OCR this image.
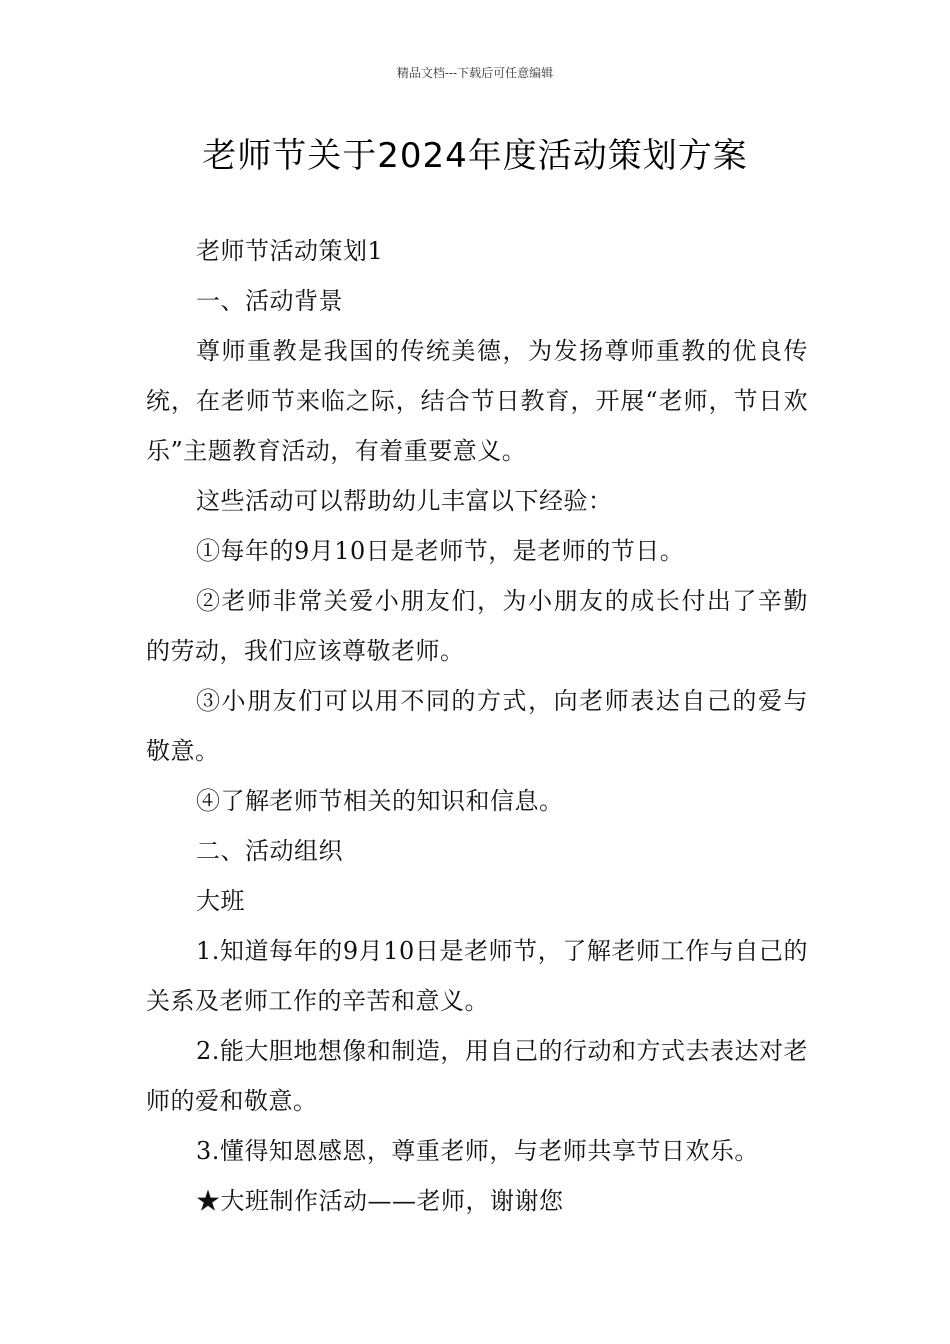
精品文档---下载后可任意编辑
老师节关于2024年度活动策划方案

老师节活动策划1

一、活动背景

尊师重教是我国的传统美德，为发扬尊师重教的优良传统，在老师节来临之际，结合节日教育，开展“老师，节日欢乐”主题教育活动，有着重要意义。

这些活动可以帮助幼儿丰富以下经验：

①每年的9月10日是老师节，是老师的节日。

②老师非常关爱小朋友们，为小朋友的成长付出了辛勤的劳动，我们应该尊敬老师。

③小朋友们可以用不同的方式，向老师表达自己的爱与敬意。

④了解老师节相关的知识和信息。

二、活动组织

大班

1.知道每年的9月10日是老师节，了解老师工作与自己的关系及老师工作的辛苦和意义。

2.能大胆地想像和制造，用自己的行动和方式去表达对老师的爱和敬意。

3.懂得知恩感恩，尊重老师，与老师共享节日欢乐。

★大班制作活动——老师，谢谢您
